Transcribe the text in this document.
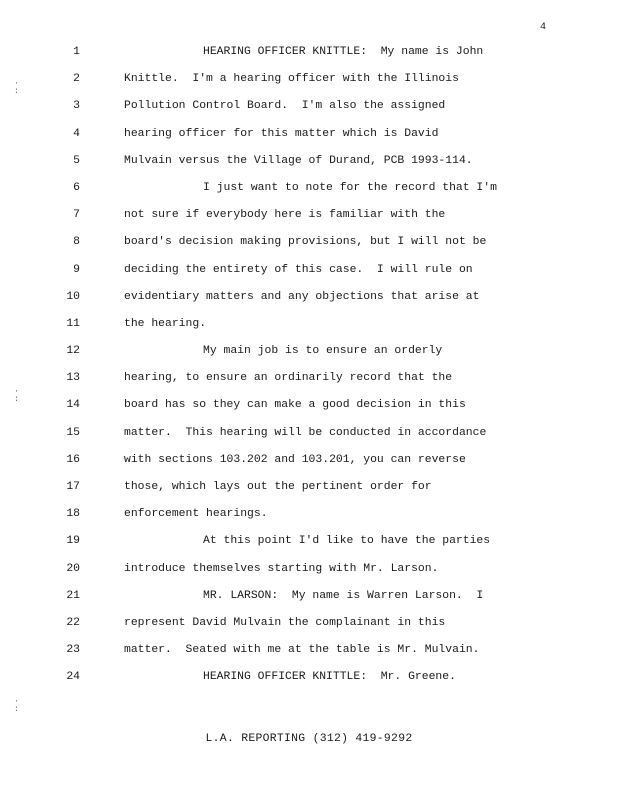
4
1	HEARING OFFICER KNITTLE:  My name is John
2	Knittle.  I'm a hearing officer with the Illinois
3	Pollution Control Board.  I'm also the assigned
4	hearing officer for this matter which is David
5	Mulvain versus the Village of Durand, PCB 1993-114.
6	I just want to note for the record that I'm
7	not sure if everybody here is familiar with the
8	board's decision making provisions, but I will not be
9	deciding the entirety of this case.  I will rule on
10	evidentiary matters and any objections that arise at
11	the hearing.
12	My main job is to ensure an orderly
13	hearing, to ensure an ordinarily record that the
14	board has so they can make a good decision in this
15	matter.  This hearing will be conducted in accordance
16	with sections 103.202 and 103.201, you can reverse
17	those, which lays out the pertinent order for
18	enforcement hearings.
19	At this point I'd like to have the parties
20	introduce themselves starting with Mr. Larson.
21	MR. LARSON:  My name is Warren Larson.  I
22	represent David Mulvain the complainant in this
23	matter.  Seated with me at the table is Mr. Mulvain.
24	HEARING OFFICER KNITTLE:  Mr. Greene.
L.A. REPORTING (312) 419-9292
·
:
·
:
·
:
